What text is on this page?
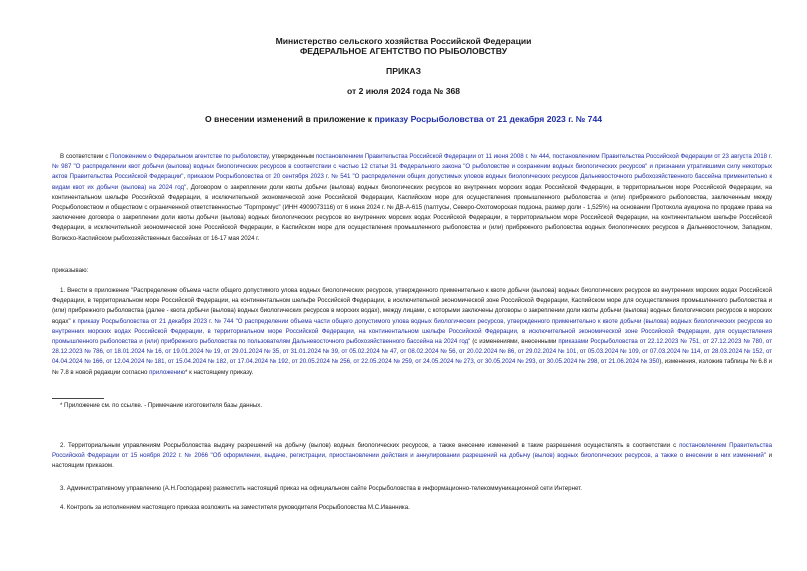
Министерство сельского хозяйства Российской Федерации
ФЕДЕРАЛЬНОЕ АГЕНТСТВО ПО РЫБОЛОВСТВУ
ПРИКАЗ
от 2 июля 2024 года № 368
О внесении изменений в приложение к приказу Росрыболовства от 21 декабря 2023 г. № 744

В соответствии с Положением о Федеральном агентстве по рыболовству, утвержденным постановлением Правительства Российской Федерации от 11 июня 2008 г. № 444, постановлением Правительства Российской Федерации от 23 августа 2018 г. № 987 "О распределении квот добычи (вылова) водных биологических ресурсов в соответствии с частью 12 статьи 31 Федерального закона "О рыболовстве и сохранении водных биологических ресурсов" и признании утратившими силу некоторых актов Правительства Российской Федерации", приказом Росрыболовства от 20 сентября 2023 г. № 541 "О распределении общих допустимых уловов водных биологических ресурсов Дальневосточного рыбохозяйственного бассейна применительно к видам квот их добычи (вылова) на 2024 год", Договором о закреплении доли квоты добычи (вылова) водных биологических ресурсов во внутренних морских водах Российской Федерации, в территориальном море Российской Федерации, на континентальном шельфе Российской Федерации, в исключительной экономической зоне Российской Федерации, Каспийском море для осуществления промышленного рыболовства и (или) прибрежного рыболовства, заключенным между Росрыболовством и обществом с ограниченной ответственностью "Торгпромус" (ИНН 4909073116) от 6 июня 2024 г. № ДВ-А-615 (палтусы, Северо-Охотоморская подзона, размер доли - 1,525%) на основании Протокола аукциона по продаже права на заключение договора о закреплении доли квоты добычи (вылова) водных биологических ресурсов во внутренних морских водах Российской Федерации, в территориальном море Российской Федерации, на континентальном шельфе Российской Федерации, в исключительной экономической зоне Российской Федерации, в Каспийском море для осуществления промышленного рыболовства и (или) прибрежного рыболовства водных биологических ресурсов в Дальневосточном, Западном, Волжско-Каспийском рыбохозяйственных бассейнах от 16-17 мая 2024 г.

приказываю:

1. Внести в приложение "Распределение объема части общего допустимого улова водных биологических ресурсов, утвержденного применительно к квоте добычи (вылова) водных биологических ресурсов во внутренних морских водах Российской Федерации, в территориальном море Российской Федерации, на континентальном шельфе Российской Федерации, в исключительной экономической зоне Российской Федерации, Каспийском море для осуществления промышленного рыболовства и (или) прибрежного рыболовства (далее - квота добычи (вылова) водных биологических ресурсов в морских водах), между лицами, с которыми заключены договоры о закреплении доли квоты добычи (вылова) водных биологических ресурсов в морских водах" к приказу Росрыболовства от 21 декабря 2023 г. № 744 "О распределении объема части общего допустимого улова водных биологических ресурсов, утвержденного применительно к квоте добычи (вылова) водных биологических ресурсов во внутренних морских водах Российской Федерации, в территориальном море Российской Федерации, на континентальном шельфе Российской Федерации, в исключительной экономической зоне Российской Федерации, для осуществления промышленного рыболовства и (или) прибрежного рыболовства по пользователям Дальневосточного рыбохозяйственного бассейна на 2024 год" (с изменениями, внесенными приказами Росрыболовства от 22.12.2023 № 751, от 27.12.2023 № 780, от 28.12.2023 № 786, от 18.01.2024 № 16, от 19.01.2024 № 19, от 29.01.2024 № 35, от 31.01.2024 № 39, от 05.02.2024 № 47, от 08.02.2024 № 56, от 20.02.2024 № 86, от 29.02.2024 № 101, от 05.03.2024 № 109, от 07.03.2024 № 114, от 28.03.2024 № 152, от 04.04.2024 № 166, от 12.04.2024 № 181, от 15.04.2024 № 182, от 17.04.2024 № 192, от 20.05.2024 № 256, от 22.05.2024 № 259, от 24.05.2024 № 273, от 30.05.2024 № 293, от 30.05.2024 № 298, от 21.06.2024 № 350), изменения, изложив таблицы № 6.8 и № 7.8 в новой редакции согласно приложению* к настоящему приказу.

* Приложение см. по ссылке. - Примечание изготовителя базы данных.

2. Территориальным управлениям Росрыболовства выдачу разрешений на добычу (вылов) водных биологических ресурсов, а также внесение изменений в такие разрешения осуществлять в соответствии с постановлением Правительства Российской Федерации от 15 ноября 2022 г. № 2066 "Об оформлении, выдаче, регистрации, приостановлении действия и аннулировании разрешений на добычу (вылов) водных биологических ресурсов, а также о внесении в них изменений" и настоящим приказом.

3. Административному управлению (А.Н.Господарев) разместить настоящий приказ на официальном сайте Росрыболовства в информационно-телекоммуникационной сети Интернет.

4. Контроль за исполнением настоящего приказа возложить на заместителя руководителя Росрыболовства М.С.Иванника.
